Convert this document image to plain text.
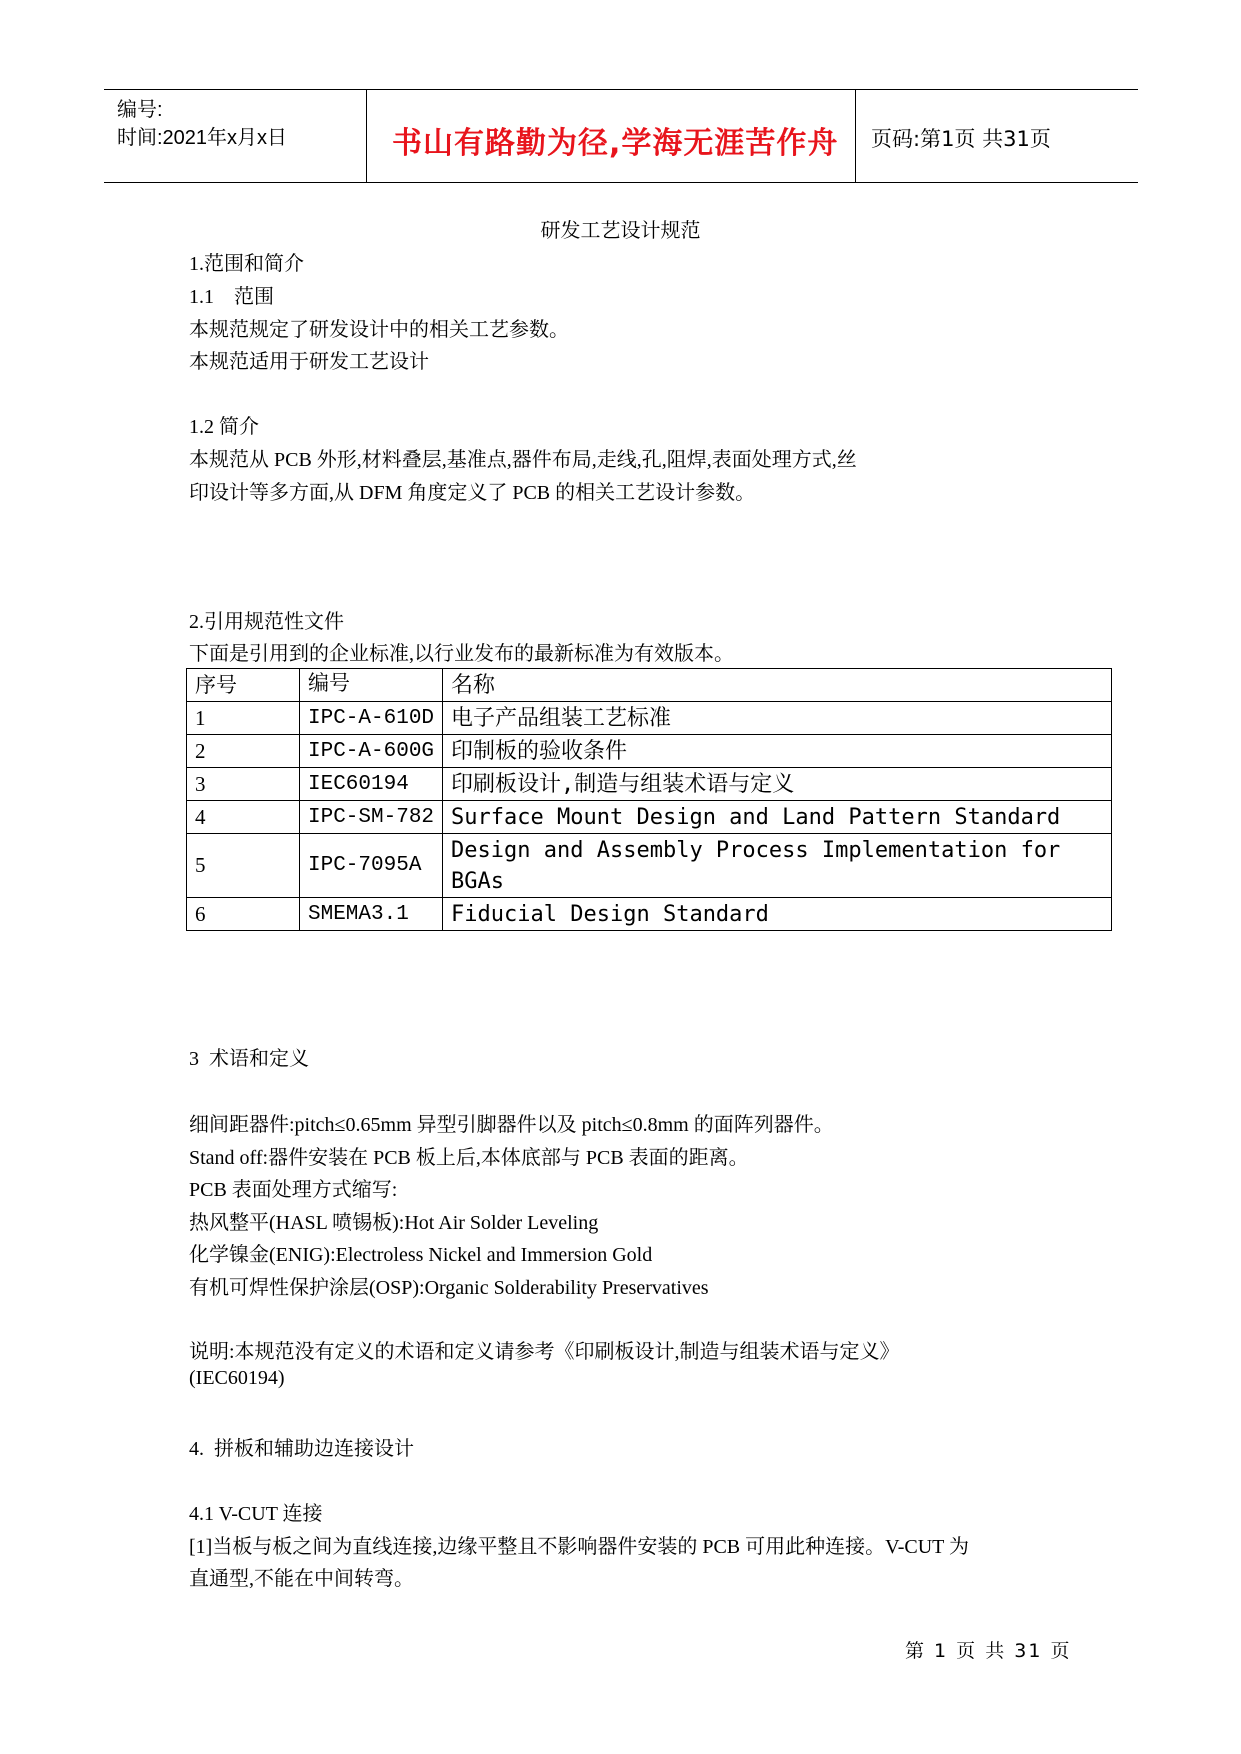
编号:
时间:2021年x月x日	书山有路勤为径,学海无涯苦作舟 页码:第1页 共31页
研发工艺设计规范
1.范围和简介
1.1    范围
本规范规定了研发设计中的相关工艺参数。
本规范适用于研发工艺设计
1.2 简介
本规范从 PCB 外形,材料叠层,基准点,器件布局,走线,孔,阻焊,表面处理方式,丝
印设计等多方面,从 DFM 角度定义了 PCB 的相关工艺设计参数。
2.引用规范性文件
下面是引用到的企业标准,以行业发布的最新标准为有效版本。
序号	编号	名称
1	IPC-A-610D	电子产品组装工艺标准
2	IPC-A-600G	印制板的验收条件
3	IEC60194	印刷板设计,制造与组装术语与定义
4	IPC-SM-782	Surface Mount Design and Land Pattern Standard
5	IPC-7095A	Design and Assembly Process Implementation for BGAs
6	SMEMA3.1	Fiducial Design Standard
3  术语和定义
细间距器件:pitch≤0.65mm 异型引脚器件以及 pitch≤0.8mm 的面阵列器件。
Stand off:器件安装在 PCB 板上后,本体底部与 PCB 表面的距离。
PCB 表面处理方式缩写:
热风整平(HASL 喷锡板):Hot Air Solder Leveling
化学镍金(ENIG):Electroless Nickel and Immersion Gold
有机可焊性保护涂层(OSP):Organic Solderability Preservatives
说明:本规范没有定义的术语和定义请参考《印刷板设计,制造与组装术语与定义》
(IEC60194)
4.  拼板和辅助边连接设计
4.1 V-CUT 连接
[1]当板与板之间为直线连接,边缘平整且不影响器件安装的 PCB 可用此种连接。V-CUT 为
直通型,不能在中间转弯。
第 1 页 共 31 页
